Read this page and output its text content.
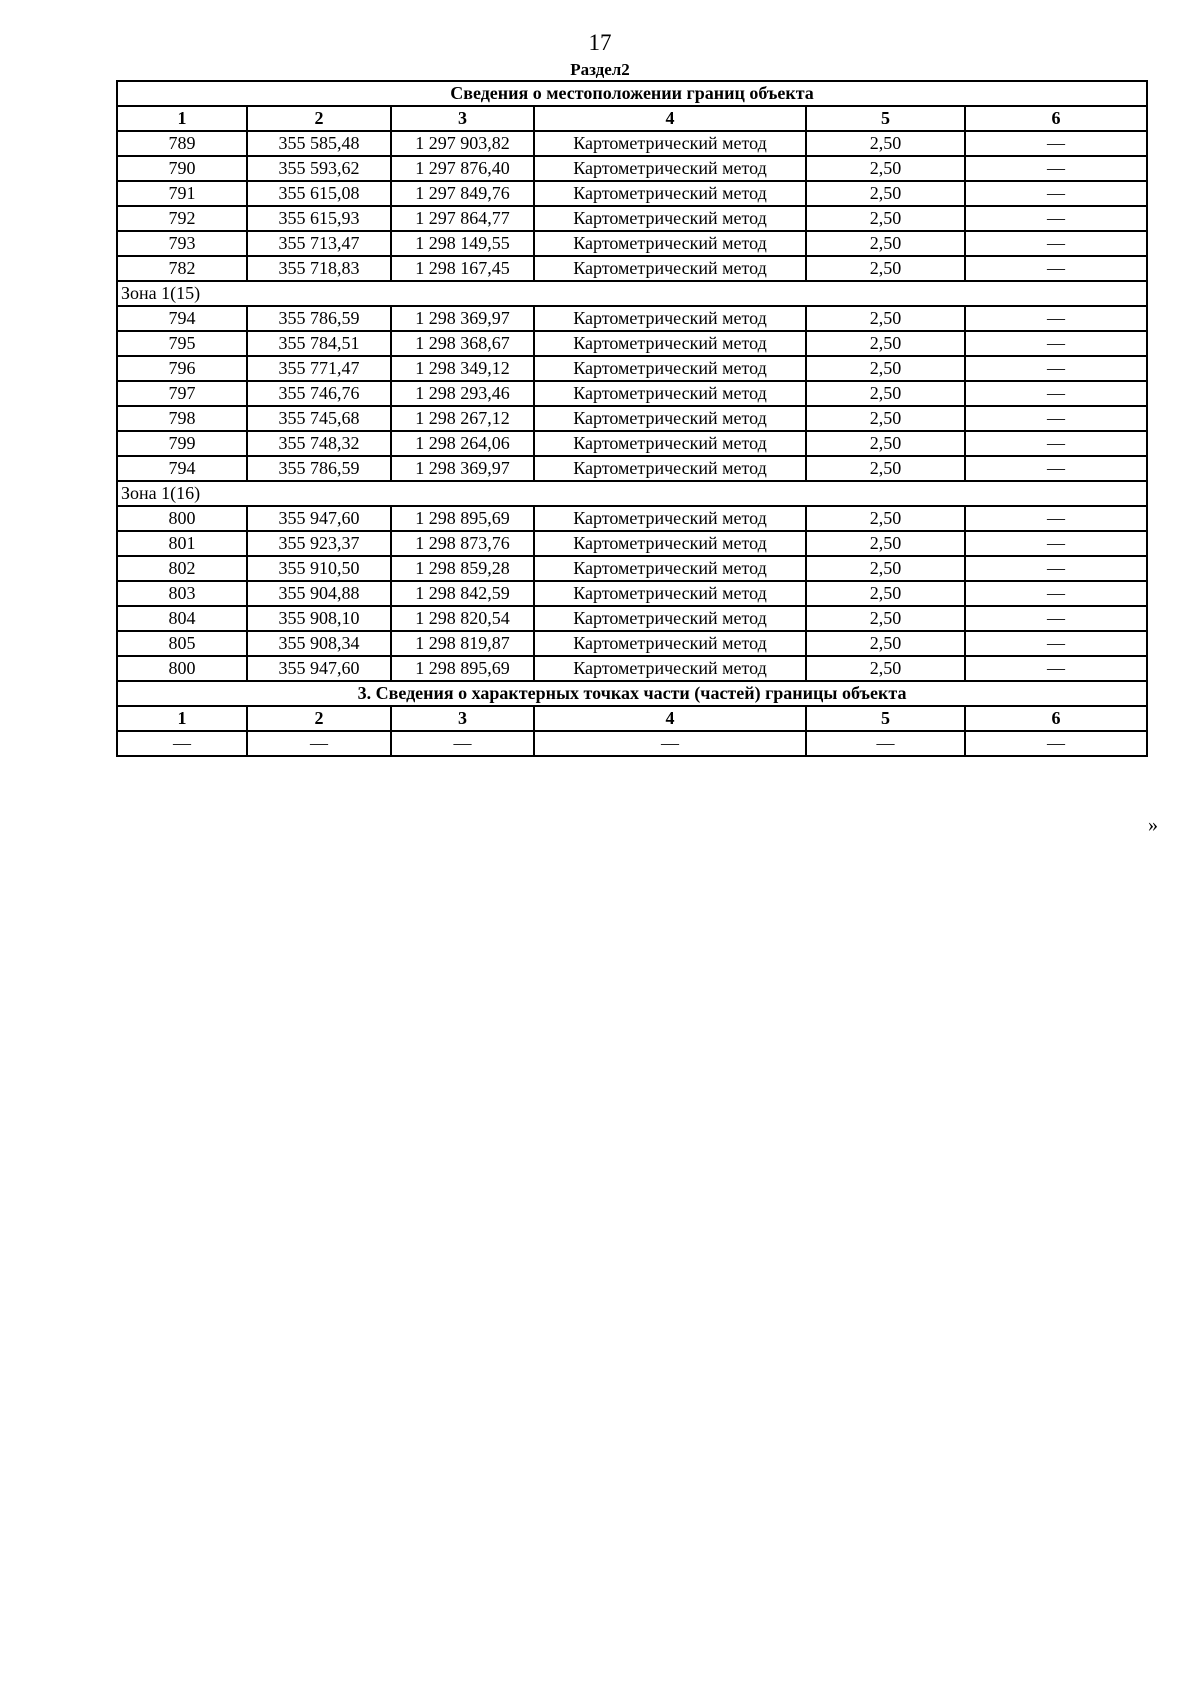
17
Раздел2
Сведения о местоположении границ объекта					
1	2	3	4	5	6
789	355 585,48	1 297 903,82	Картометрический метод	2,50	—
790	355 593,62	1 297 876,40	Картометрический метод	2,50	—
791	355 615,08	1 297 849,76	Картометрический метод	2,50	—
792	355 615,93	1 297 864,77	Картометрический метод	2,50	—
793	355 713,47	1 298 149,55	Картометрический метод	2,50	—
782	355 718,83	1 298 167,45	Картометрический метод	2,50	—
Зона 1(15)					
794	355 786,59	1 298 369,97	Картометрический метод	2,50	—
795	355 784,51	1 298 368,67	Картометрический метод	2,50	—
796	355 771,47	1 298 349,12	Картометрический метод	2,50	—
797	355 746,76	1 298 293,46	Картометрический метод	2,50	—
798	355 745,68	1 298 267,12	Картометрический метод	2,50	—
799	355 748,32	1 298 264,06	Картометрический метод	2,50	—
794	355 786,59	1 298 369,97	Картометрический метод	2,50	—
Зона 1(16)					
800	355 947,60	1 298 895,69	Картометрический метод	2,50	—
801	355 923,37	1 298 873,76	Картометрический метод	2,50	—
802	355 910,50	1 298 859,28	Картометрический метод	2,50	—
803	355 904,88	1 298 842,59	Картометрический метод	2,50	—
804	355 908,10	1 298 820,54	Картометрический метод	2,50	—
805	355 908,34	1 298 819,87	Картометрический метод	2,50	—
800	355 947,60	1 298 895,69	Картометрический метод	2,50	—
3. Сведения о характерных точках части (частей) границы объекта					
1	2	3	4	5	6
—	—	—	—	—	—
»
